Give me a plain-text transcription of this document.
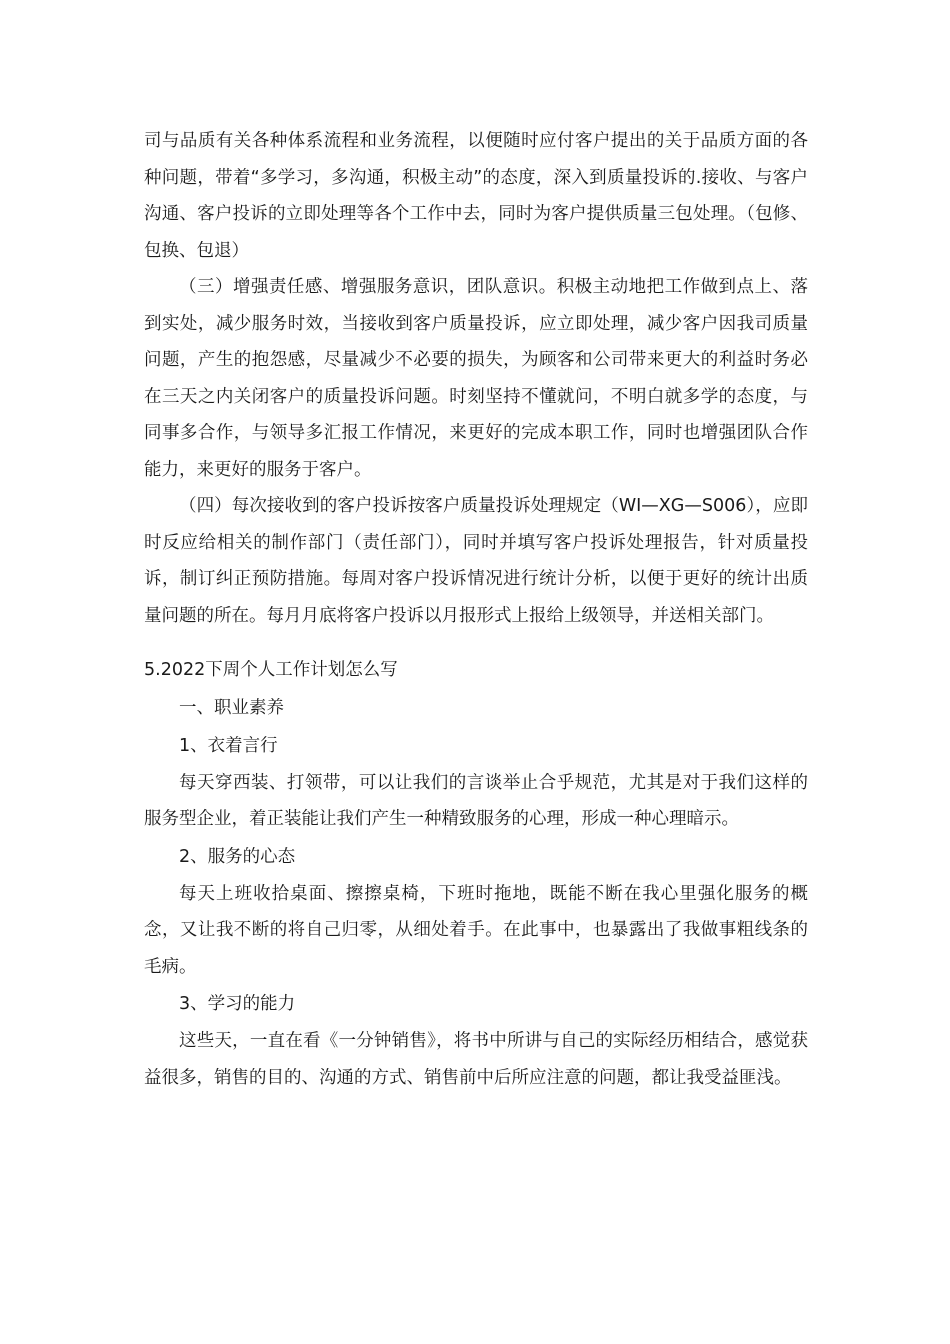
司与品质有关各种体系流程和业务流程，以便随时应付客户提出的关于品质方面的各种问题，带着“多学习，多沟通，积极主动”的态度，深入到质量投诉的.接收、与客户沟通、客户投诉的立即处理等各个工作中去，同时为客户提供质量三包处理。（包修、包换、包退）

（三）增强责任感、增强服务意识，团队意识。积极主动地把工作做到点上、落到实处，减少服务时效，当接收到客户质量投诉，应立即处理，减少客户因我司质量问题，产生的抱怨感，尽量减少不必要的损失，为顾客和公司带来更大的利益时务必在三天之内关闭客户的质量投诉问题。时刻坚持不懂就问，不明白就多学的态度，与同事多合作，与领导多汇报工作情况，来更好的完成本职工作，同时也增强团队合作能力，来更好的服务于客户。

（四）每次接收到的客户投诉按客户质量投诉处理规定（WI—XG—S006），应即时反应给相关的制作部门（责任部门），同时并填写客户投诉处理报告，针对质量投诉，制订纠正预防措施。每周对客户投诉情况进行统计分析，以便于更好的统计出质量问题的所在。每月月底将客户投诉以月报形式上报给上级领导，并送相关部门。

5.2022下周个人工作计划怎么写

一、职业素养

1、衣着言行

每天穿西装、打领带，可以让我们的言谈举止合乎规范，尤其是对于我们这样的服务型企业，着正装能让我们产生一种精致服务的心理，形成一种心理暗示。

2、服务的心态

每天上班收拾桌面、擦擦桌椅，下班时拖地，既能不断在我心里强化服务的概念，又让我不断的将自己归零，从细处着手。在此事中，也暴露出了我做事粗线条的毛病。

3、学习的能力

这些天，一直在看《一分钟销售》，将书中所讲与自己的实际经历相结合，感觉获益很多，销售的目的、沟通的方式、销售前中后所应注意的问题，都让我受益匪浅。
